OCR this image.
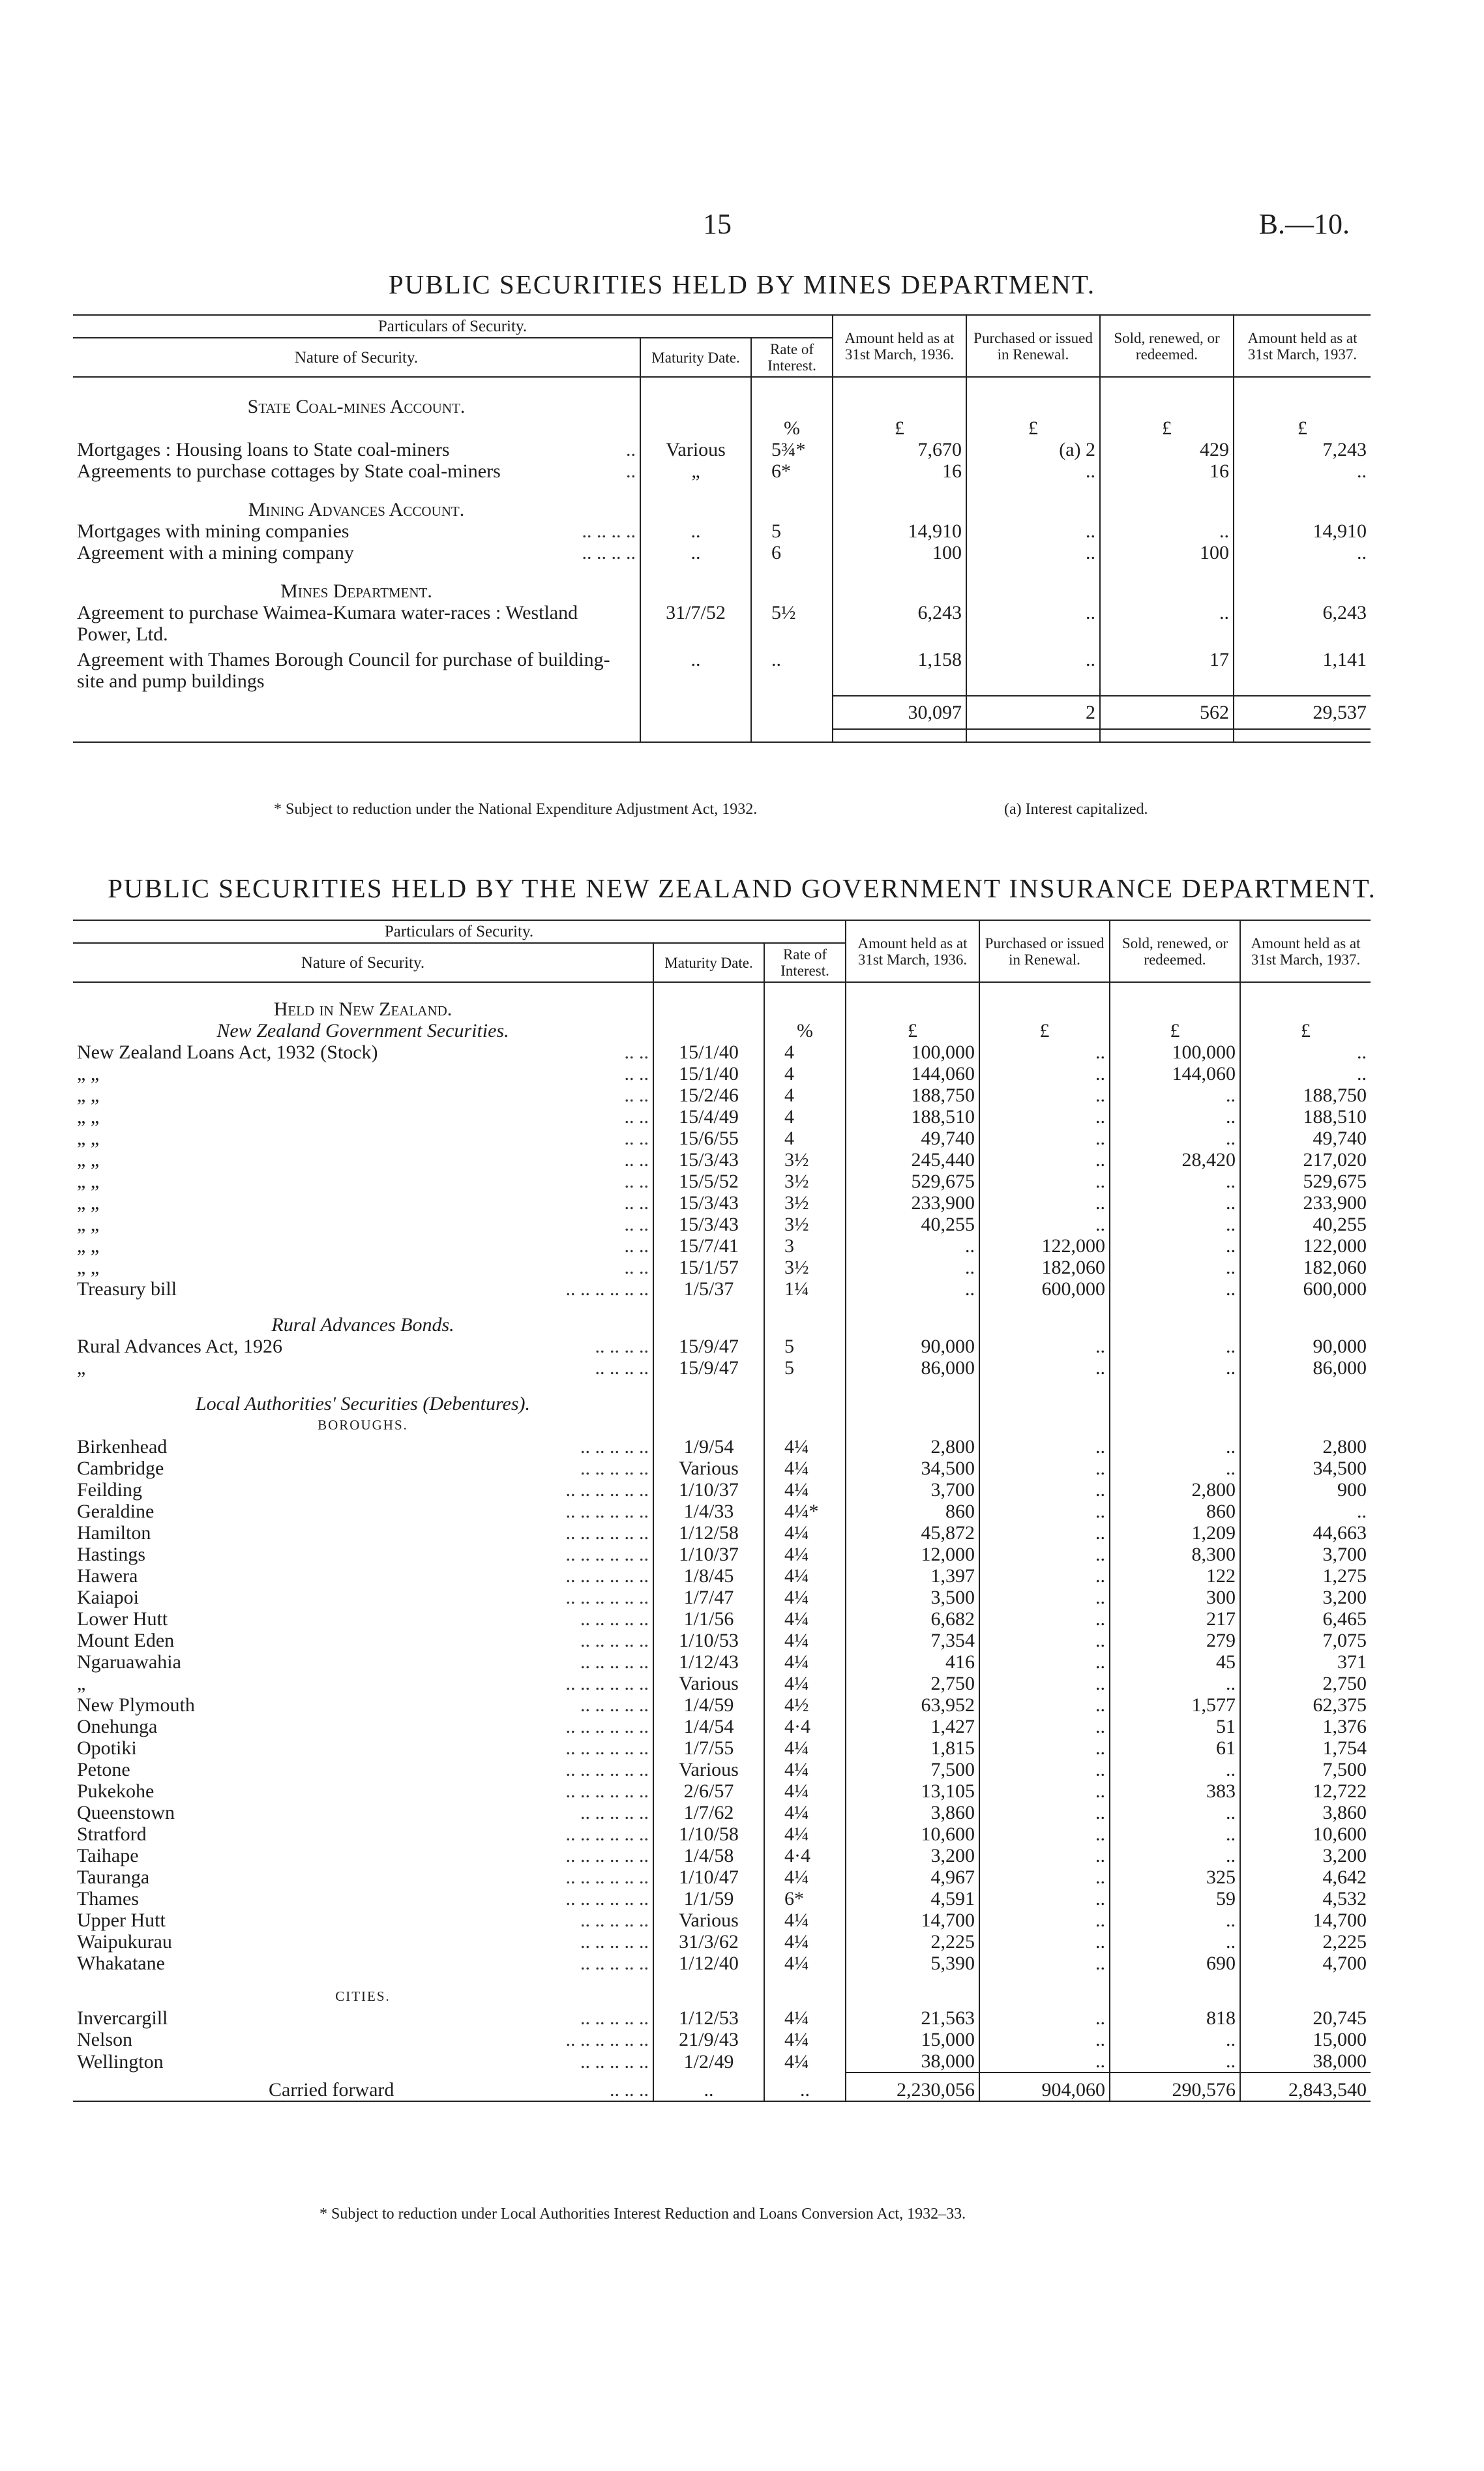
15	B.—10.
PUBLIC SECURITIES HELD BY MINES DEPARTMENT.
Particulars of Security.			Amount held as at 31st March, 1936.	Purchased or issued in Renewal.	Sold, renewed, or redeemed.	Amount held as at 31st March, 1937.
Nature of Security.	Maturity Date.	Rate of Interest.				
State Coal-mines Account.						
		%	£	£	£	£
Mortgages : Housing loans to State coal-miners ..	Various	5¾*	7,670	(a) 2	429	7,243
Agreements to purchase cottages by State coal-miners ..	„	6*	16	..	16	..
Mining Advances Account.						
Mortgages with mining companies .. .. .. ..	..	5	14,910	..	..	14,910
Agreement with a mining company .. .. .. ..	..	6	100	..	100	..
Mines Department.						
Agreement to purchase Waimea-Kumara water-races : Westland Power, Ltd.	31/7/52	5½	6,243	..	..	6,243
Agreement with Thames Borough Council for purchase of building-site and pump buildings	..	..	1,158	..	17	1,141
			30,097	2	562	29,537

* Subject to reduction under the National Expenditure Adjustment Act, 1932.	(a) Interest capitalized.
PUBLIC SECURITIES HELD BY THE NEW ZEALAND GOVERNMENT INSURANCE DEPARTMENT.
Particulars of Security.			Amount held as at 31st March, 1936.	Purchased or issued in Renewal.	Sold, renewed, or redeemed.	Amount held as at 31st March, 1937.
Nature of Security.	Maturity Date.	Rate of Interest.				
Held in New Zealand.						
New Zealand Government Securities.		%	£	£	£	£
New Zealand Loans Act, 1932 (Stock) .. ..	15/1/40	4	100,000	..	100,000	..
„ „ .. ..	15/1/40	4	144,060	..	144,060	..
„ „ .. ..	15/2/46	4	188,750	..	..	188,750
„ „ .. ..	15/4/49	4	188,510	..	..	188,510
„ „ .. ..	15/6/55	4	49,740	..	..	49,740
„ „ .. ..	15/3/43	3½	245,440	..	28,420	217,020
„ „ .. ..	15/5/52	3½	529,675	..	..	529,675
„ „ .. ..	15/3/43	3½	233,900	..	..	233,900
„ „ .. ..	15/3/43	3½	40,255	..	..	40,255
„ „ .. ..	15/7/41	3	..	122,000	..	122,000
„ „ .. ..	15/1/57	3½	..	182,060	..	182,060
Treasury bill .. .. .. .. .. ..	1/5/37	1¼	..	600,000	..	600,000
Rural Advances Bonds.						
Rural Advances Act, 1926 .. .. .. ..	15/9/47	5	90,000	..	..	90,000
„ .. .. .. ..	15/9/47	5	86,000	..	..	86,000
Local Authorities' Securities (Debentures).						
BOROUGHS.						
Birkenhead .. .. .. .. ..	1/9/54	4¼	2,800	..	..	2,800
Cambridge .. .. .. .. ..	Various	4¼	34,500	..	..	34,500
Feilding .. .. .. .. .. ..	1/10/37	4¼	3,700	..	2,800	900
Geraldine .. .. .. .. .. ..	1/4/33	4¼*	860	..	860	..
Hamilton .. .. .. .. .. ..	1/12/58	4¼	45,872	..	1,209	44,663
Hastings .. .. .. .. .. ..	1/10/37	4¼	12,000	..	8,300	3,700
Hawera .. .. .. .. .. ..	1/8/45	4¼	1,397	..	122	1,275
Kaiapoi .. .. .. .. .. ..	1/7/47	4¼	3,500	..	300	3,200
Lower Hutt .. .. .. .. ..	1/1/56	4¼	6,682	..	217	6,465
Mount Eden .. .. .. .. ..	1/10/53	4¼	7,354	..	279	7,075
Ngaruawahia .. .. .. .. ..	1/12/43	4¼	416	..	45	371
„ .. .. .. .. .. ..	Various	4¼	2,750	..	..	2,750
New Plymouth .. .. .. .. ..	1/4/59	4½	63,952	..	1,577	62,375
Onehunga .. .. .. .. .. ..	1/4/54	4·4	1,427	..	51	1,376
Opotiki .. .. .. .. .. ..	1/7/55	4¼	1,815	..	61	1,754
Petone .. .. .. .. .. ..	Various	4¼	7,500	..	..	7,500
Pukekohe .. .. .. .. .. ..	2/6/57	4¼	13,105	..	383	12,722
Queenstown .. .. .. .. ..	1/7/62	4¼	3,860	..	..	3,860
Stratford .. .. .. .. .. ..	1/10/58	4¼	10,600	..	..	10,600
Taihape .. .. .. .. .. ..	1/4/58	4·4	3,200	..	..	3,200
Tauranga .. .. .. .. .. ..	1/10/47	4¼	4,967	..	325	4,642
Thames .. .. .. .. .. ..	1/1/59	6*	4,591	..	59	4,532
Upper Hutt .. .. .. .. ..	Various	4¼	14,700	..	..	14,700
Waipukurau .. .. .. .. ..	31/3/62	4¼	2,225	..	..	2,225
Whakatane .. .. .. .. ..	1/12/40	4¼	5,390	..	690	4,700
CITIES.						
Invercargill .. .. .. .. ..	1/12/53	4¼	21,563	..	818	20,745
Nelson .. .. .. .. .. ..	21/9/43	4¼	15,000	..	..	15,000
Wellington .. .. .. .. ..	1/2/49	4¼	38,000	..	..	38,000
Carried forward .. .. ..	..	..	2,230,056	904,060	290,576	2,843,540
* Subject to reduction under Local Authorities Interest Reduction and Loans Conversion Act, 1932–33.
